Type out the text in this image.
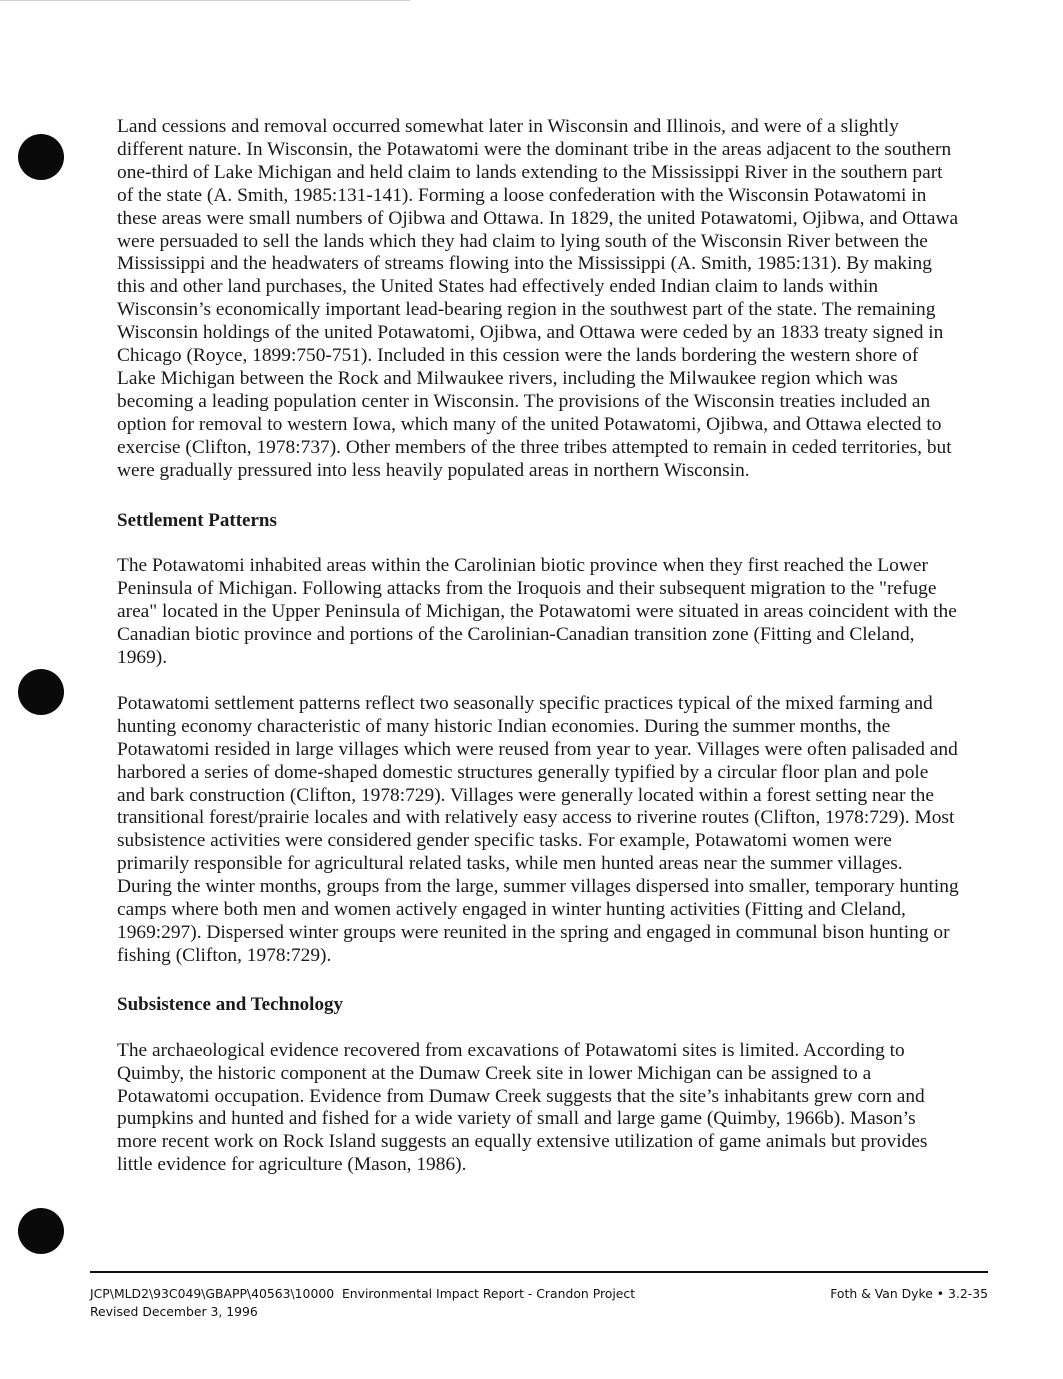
Land cessions and removal occurred somewhat later in Wisconsin and Illinois, and were of a slightly different nature. In Wisconsin, the Potawatomi were the dominant tribe in the areas adjacent to the southern one-third of Lake Michigan and held claim to lands extending to the Mississippi River in the southern part of the state (A. Smith, 1985:131-141). Forming a loose confederation with the Wisconsin Potawatomi in these areas were small numbers of Ojibwa and Ottawa. In 1829, the united Potawatomi, Ojibwa, and Ottawa were persuaded to sell the lands which they had claim to lying south of the Wisconsin River between the Mississippi and the headwaters of streams flowing into the Mississippi (A. Smith, 1985:131). By making this and other land purchases, the United States had effectively ended Indian claim to lands within Wisconsin’s economically important lead-bearing region in the southwest part of the state. The remaining Wisconsin holdings of the united Potawatomi, Ojibwa, and Ottawa were ceded by an 1833 treaty signed in Chicago (Royce, 1899:750-751). Included in this cession were the lands bordering the western shore of Lake Michigan between the Rock and Milwaukee rivers, including the Milwaukee region which was becoming a leading population center in Wisconsin. The provisions of the Wisconsin treaties included an option for removal to western Iowa, which many of the united Potawatomi, Ojibwa, and Ottawa elected to exercise (Clifton, 1978:737). Other members of the three tribes attempted to remain in ceded territories, but were gradually pressured into less heavily populated areas in northern Wisconsin.

Settlement Patterns

The Potawatomi inhabited areas within the Carolinian biotic province when they first reached the Lower Peninsula of Michigan. Following attacks from the Iroquois and their subsequent migration to the "refuge area" located in the Upper Peninsula of Michigan, the Potawatomi were situated in areas coincident with the Canadian biotic province and portions of the Carolinian-Canadian transition zone (Fitting and Cleland, 1969).

Potawatomi settlement patterns reflect two seasonally specific practices typical of the mixed farming and hunting economy characteristic of many historic Indian economies. During the summer months, the Potawatomi resided in large villages which were reused from year to year. Villages were often palisaded and harbored a series of dome-shaped domestic structures generally typified by a circular floor plan and pole and bark construction (Clifton, 1978:729). Villages were generally located within a forest setting near the transitional forest/prairie locales and with relatively easy access to riverine routes (Clifton, 1978:729). Most subsistence activities were considered gender specific tasks. For example, Potawatomi women were primarily responsible for agricultural related tasks, while men hunted areas near the summer villages. During the winter months, groups from the large, summer villages dispersed into smaller, temporary hunting camps where both men and women actively engaged in winter hunting activities (Fitting and Cleland, 1969:297). Dispersed winter groups were reunited in the spring and engaged in communal bison hunting or fishing (Clifton, 1978:729).

Subsistence and Technology

The archaeological evidence recovered from excavations of Potawatomi sites is limited. According to Quimby, the historic component at the Dumaw Creek site in lower Michigan can be assigned to a Potawatomi occupation. Evidence from Dumaw Creek suggests that the site’s inhabitants grew corn and pumpkins and hunted and fished for a wide variety of small and large game (Quimby, 1966b). Mason’s more recent work on Rock Island suggests an equally extensive utilization of game animals but provides little evidence for agriculture (Mason, 1986).

JCP\MLD2\93C049\GBAPP\40563\10000  Environmental Impact Report - Crandon Project
Revised December 3, 1996
Foth & Van Dyke • 3.2-35
